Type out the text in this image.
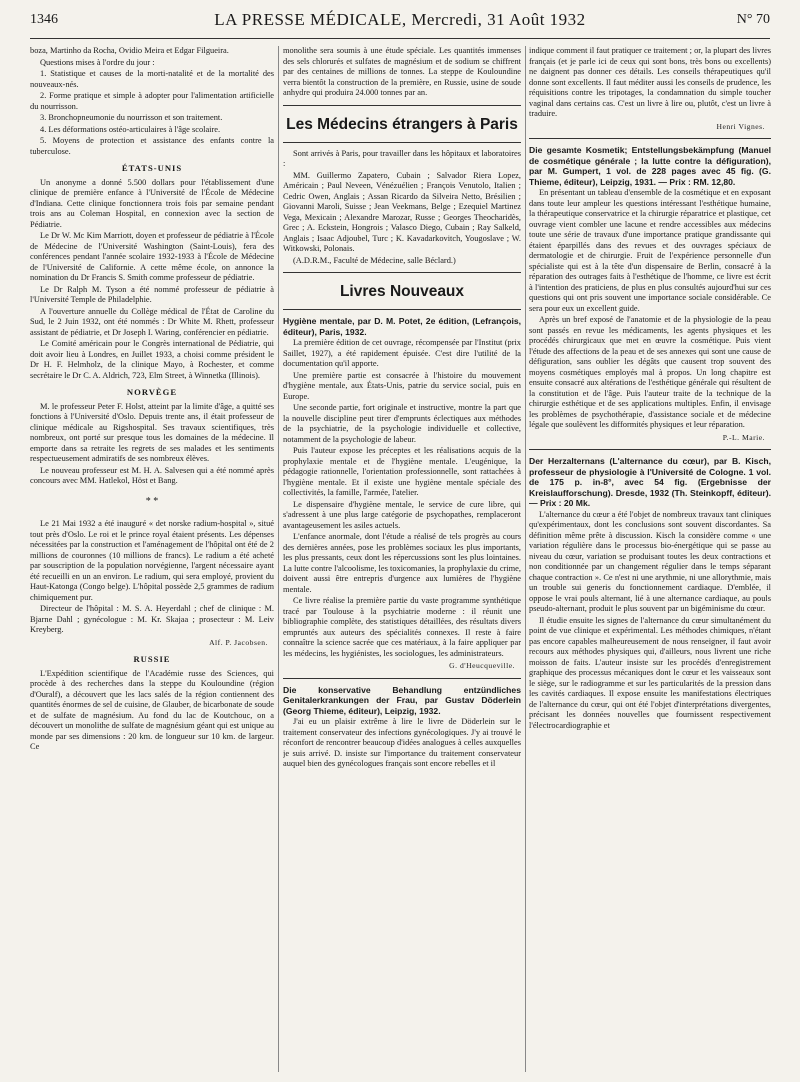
1346	LA PRESSE MÉDICALE, Mercredi, 31 Août 1932	N° 70

boza, Martinho da Rocha, Ovidio Meira et Edgar Filgueira.

Questions mises à l'ordre du jour :

1. Statistique et causes de la morti-natalité et de la mortalité des nouveaux-nés.

2. Forme pratique et simple à adopter pour l'alimentation artificielle du nourrisson.

3. Bronchopneumonie du nourrisson et son traitement.

4. Les déformations ostéo-articulaires à l'âge scolaire.

5. Moyens de protection et assistance des enfants contre la tuberculose.

ÉTATS-UNIS

Un anonyme a donné 5.500 dollars pour l'établissement d'une clinique de première enfance à l'Université de l'École de Médecine d'Indiana. Cette clinique fonctionnera trois fois par semaine pendant trois ans au Coleman Hospital, en connexion avec la section de Pédiatrie.

Le Dr W. Mc Kim Marriott, doyen et professeur de pédiatrie à l'École de Médecine de l'Université Washington (Saint-Louis), fera des conférences pendant l'année scolaire 1932-1933 à l'École de Médecine de l'Université de Californie. A cette même école, on annonce la nomination du Dr Francis S. Smith comme professeur de pédiatrie.

Le Dr Ralph M. Tyson a été nommé professeur de pédiatrie à l'Université Temple de Philadelphie.

A l'ouverture annuelle du Collège médical de l'État de Caroline du Sud, le 2 Juin 1932, ont été nommés : Dr White M. Rhett, professeur assistant de pédiatrie, et Dr Joseph I. Waring, conférencier en pédiatrie.

Le Comité américain pour le Congrès international de Pédiatrie, qui doit avoir lieu à Londres, en Juillet 1933, a choisi comme président le Dr H. F. Helmholz, de la clinique Mayo, à Rochester, et comme secrétaire le Dr C. A. Aldrich, 723, Elm Street, à Winnetka (Illinois).

NORVÈGE

M. le professeur Peter F. Holst, atteint par la limite d'âge, a quitté ses fonctions à l'Université d'Oslo. Depuis trente ans, il était professeur de clinique médicale au Rigshospital. Ses travaux scientifiques, très nombreux, ont porté sur presque tous les domaines de la médecine. Il emporte dans sa retraite les regrets de ses malades et les sentiments respectueusement admiratifs de ses nombreux élèves.

Le nouveau professeur est M. H. A. Salvesen qui a été nommé après concours avec MM. Hatlekol, Höst et Bang.

* *

Le 21 Mai 1932 a été inauguré « det norske radium-hospital », situé tout près d'Oslo. Le roi et le prince royal étaient présents. Les dépenses nécessitées par la construction et l'aménagement de l'hôpital ont été de 2 millions de couronnes (10 millions de francs). Le radium a été acheté par souscription de la population norvégienne, l'argent nécessaire ayant été recueilli en un an environ. Le radium, qui sera employé, provient du Haut-Katonga (Congo belge). L'hôpital possède 2,5 grammes de radium chimiquement pur.

Directeur de l'hôpital : M. S. A. Heyerdahl ; chef de clinique : M. Bjarne Dahl ; gynécologue : M. Kr. Skajaa ; prosecteur : M. Leiv Kreyberg.

Alf. P. Jacobsen.
RUSSIE

L'Expédition scientifique de l'Académie russe des Sciences, qui procède à des recherches dans la steppe du Kouloundine (région d'Ouralf), a découvert que les lacs salés de la région contiennent des quantités énormes de sel de cuisine, de Glauber, de bicarbonate de soude et de sulfate de magnésium. Au fond du lac de Koutchouc, on a découvert un monolithe de sulfate de magnésium géant qui est unique au monde par ses dimensions : 20 km. de longueur sur 10 km. de largeur. Ce

monolithe sera soumis à une étude spéciale. Les quantités immenses des sels chlorurés et sulfates de magnésium et de sodium se chiffrent par des centaines de millions de tonnes. La steppe de Kouloundine verra bientôt la construction de la première, en Russie, usine de soude anhydre qui produira 24.000 tonnes par an.

Les Médecins étrangers à Paris

Sont arrivés à Paris, pour travailler dans les hôpitaux et laboratoires :

MM. Guillermo Zapatero, Cubain ; Salvador Riera Lopez, Américain ; Paul Neveen, Vénézuélien ; François Venutolo, Italien ; Cedric Owen, Anglais ; Assan Ricardo da Silveira Netto, Brésilien ; Giovanni Maroli, Suisse ; Jean Veekmans, Belge ; Ezequiel Martinez Vega, Mexicain ; Alexandre Marozar, Russe ; Georges Theocharidès, Grec ; A. Eckstein, Hongrois ; Valasco Diego, Cubain ; Ray Salkeld, Anglais ; Isaac Adjoubel, Turc ; K. Kavadarkovitch, Yougoslave ; W. Witkowski, Polonais.

(A.D.R.M., Faculté de Médecine, salle Béclard.)

Livres Nouveaux

Hygiène mentale, par D. M. Potet, 2e édition, (Lefrançois, éditeur), Paris, 1932.

La première édition de cet ouvrage, récompensée par l'Institut (prix Saillet, 1927), a été rapidement épuisée. C'est dire l'utilité de la documentation qu'il apporte.

Une première partie est consacrée à l'histoire du mouvement d'hygiène mentale, aux États-Unis, patrie du service social, puis en Europe.

Une seconde partie, fort originale et instructive, montre la part que la nouvelle discipline peut tirer d'emprunts éclectiques aux méthodes de la psychiatrie, de la psychologie individuelle et collective, notamment de la psychologie de labeur.

Puis l'auteur expose les préceptes et les réalisations acquis de la prophylaxie mentale et de l'hygiène mentale. L'eugénique, la pédagogie rationnelle, l'orientation professionnelle, sont rattachées à l'hygiène mentale. Et il existe une hygiène mentale spéciale des collectivités, la famille, l'armée, l'atelier.

Le dispensaire d'hygiène mentale, le service de cure libre, qui s'adressent à une plus large catégorie de psychopathes, remplaceront avantageusement les asiles actuels.

L'enfance anormale, dont l'étude a réalisé de tels progrès au cours des dernières années, pose les problèmes sociaux les plus importants, les plus pressants, ceux dont les répercussions sont les plus lointaines. La lutte contre l'alcoolisme, les toxicomanies, la prophylaxie du crime, doivent aussi être entrepris d'urgence aux lumières de l'hygiène mentale.

Ce livre réalise la première partie du vaste programme synthétique tracé par Toulouse à la psychiatrie moderne : il réunit une bibliographie complète, des statistiques détaillées, des résultats divers empruntés aux auteurs des spécialités connexes. Il reste à faire connaître la science sacrée que ces matériaux, à la faire appliquer par les médecins, les hygiénistes, les sociologues, les administrateurs.

G. d'Heucqueville.

Die konservative Behandlung entzündliches Genitalerkrankungen der Frau, par Gustav Döderlein (Georg Thieme, éditeur), Leipzig, 1932.

J'ai eu un plaisir extrême à lire le livre de Döderlein sur le traitement conservateur des infections gynécologiques. J'y ai trouvé le réconfort de rencontrer beaucoup d'idées analogues à celles auxquelles je suis arrivé. D. insiste sur l'importance du traitement conservateur auquel bien des gynécologues français sont encore rebelles et il

indique comment il faut pratiquer ce traitement ; or, la plupart des livres français (et je parle ici de ceux qui sont bons, très bons ou excellents) ne daignent pas donner ces détails. Les conseils thérapeutiques qu'il donne sont excellents. Il faut méditer aussi les conseils de prudence, les réquisitions contre les tripotages, la condamnation du simple toucher vaginal dans certains cas. C'est un livre à lire ou, plutôt, c'est un livre à traduire.

Henri Vignes.

Die gesamte Kosmetik; Entstellungsbekämpfung (Manuel de cosmétique générale ; la lutte contre la défiguration), par M. Gumpert, 1 vol. de 228 pages avec 45 fig. (G. Thieme, éditeur), Leipzig, 1931. — Prix : RM. 12,80.

En présentant un tableau d'ensemble de la cosmétique et en exposant dans toute leur ampleur les questions intéressant l'esthétique humaine, la thérapeutique conservatrice et la chirurgie réparatrice et plastique, cet ouvrage vient combler une lacune et rendre accessibles aux médecins toute une série de travaux d'une importance pratique grandissante qui étaient éparpillés dans des revues et des ouvrages spéciaux de dermatologie et de chirurgie. Fruit de l'expérience personnelle d'un spécialiste qui est à la tête d'un dispensaire de Berlin, consacré à la réparation des outrages faits à l'esthétique de l'homme, ce livre est écrit à l'intention des praticiens, de plus en plus consultés aujourd'hui sur ces questions qui ont pris souvent une importance sociale considérable. Ce sera pour eux un excellent guide.

Après un bref exposé de l'anatomie et de la physiologie de la peau sont passés en revue les médicaments, les agents physiques et les procédés chirurgicaux que met en œuvre la cosmétique. Puis vient l'étude des affections de la peau et de ses annexes qui sont une cause de défiguration, sans oublier les dégâts que causent trop souvent des moyens cosmétiques employés mal à propos. Un long chapitre est ensuite consacré aux altérations de l'esthétique générale qui résultent de la constitution et de l'âge. Puis l'auteur traite de la technique de la chirurgie esthétique et de ses applications multiples. Enfin, il envisage les problèmes de psychothérapie, d'assistance sociale et de médecine légale que soulèvent les difformités physiques et leur réparation.

P.-L. Marie.

Der Herzalternans (L'alternance du cœur), par B. Kisch, professeur de physiologie à l'Université de Cologne. 1 vol. de 175 p. in-8°, avec 54 fig. (Ergebnisse der Kreislaufforschung). Dresde, 1932 (Th. Steinkopff, éditeur). — Prix : 20 Mk.

L'alternance du cœur a été l'objet de nombreux travaux tant cliniques qu'expérimentaux, dont les conclusions sont souvent discordantes. Sa définition même prête à discussion. Kisch la considère comme « une variation régulière dans le processus bio-énergétique qui se passe au niveau du cœur, variation se produisant toutes les deux contractions et non conditionnée par un changement régulier dans le temps séparant chaque contraction ». Ce n'est ni une arythmie, ni une allorythmie, mais un trouble sui generis du fonctionnement cardiaque. D'emblée, il oppose le vrai pouls alternant, lié à une alternance cardiaque, au pouls pseudo-alternant, produit le plus souvent par un bigéminisme du cœur.

Il étudie ensuite les signes de l'alternance du cœur simultanément du point de vue clinique et expérimental. Les méthodes chimiques, n'étant pas encore capables malheureusement de nous renseigner, il faut avoir recours aux méthodes physiques qui, d'ailleurs, nous livrent une riche moisson de faits. L'auteur insiste sur les procédés d'enregistrement graphique des processus mécaniques dont le cœur et les vaisseaux sont le siège, sur le radiogramme et sur les particularités de la pression dans les cavités cardiaques. Il expose ensuite les manifestations électriques de l'alternance du cœur, qui ont été l'objet d'interprétations divergentes, précisant les données nouvelles que fournissent respectivement l'électrocardiographie et
